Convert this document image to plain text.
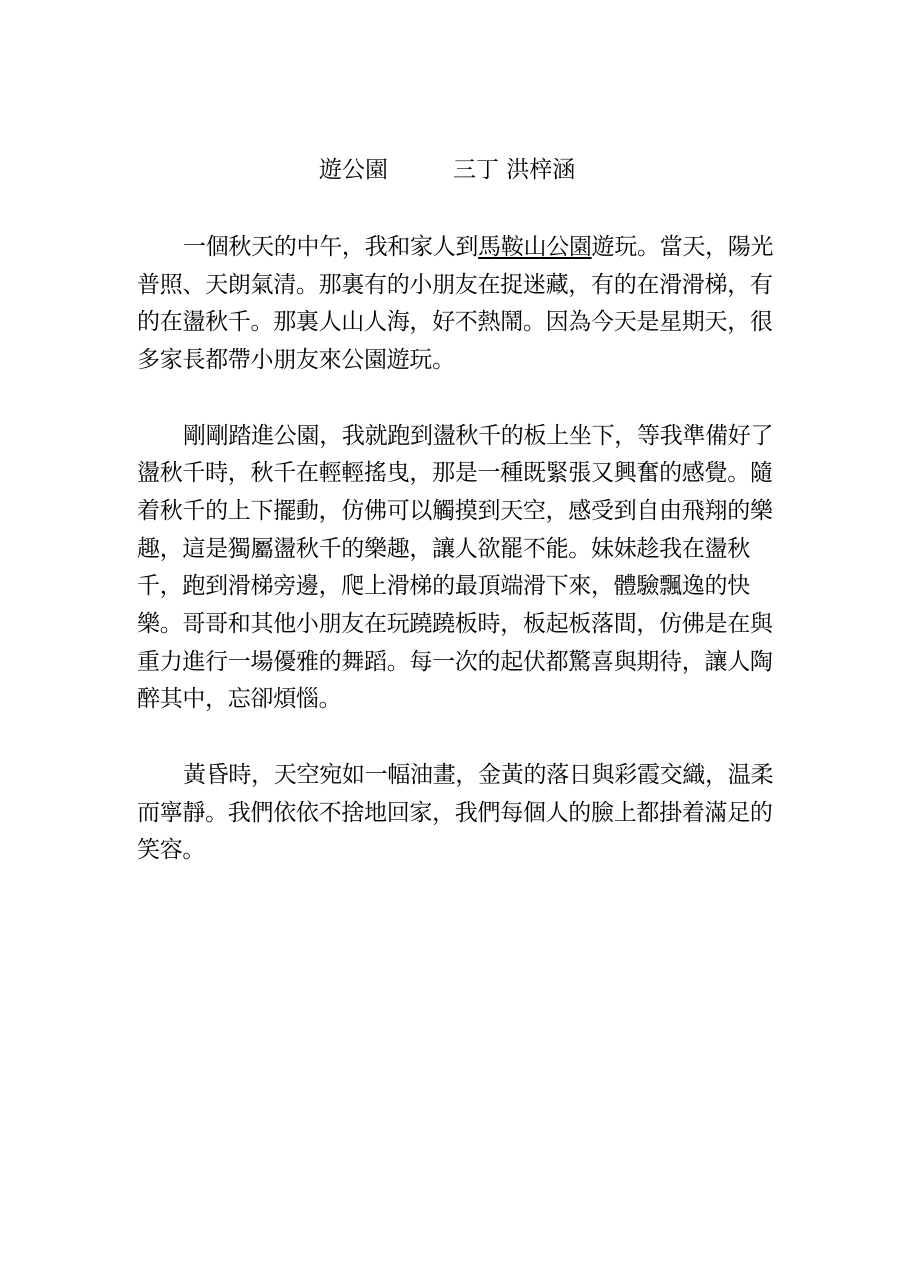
遊公園	三丁 洪梓涵

一個秋天的中午，我和家人到馬鞍山公園遊玩。當天，陽光普照、天朗氣清。那裏有的小朋友在捉迷藏，有的在滑滑梯，有的在盪秋千。那裏人山人海，好不熱鬧。因為今天是星期天，很多家長都帶小朋友來公園遊玩。

剛剛踏進公園，我就跑到盪秋千的板上坐下，等我準備好了盪秋千時，秋千在輕輕搖曳，那是一種既緊張又興奮的感覺。隨着秋千的上下擺動，仿佛可以觸摸到天空，感受到自由飛翔的樂趣，這是獨屬盪秋千的樂趣，讓人欲罷不能。妹妹趁我在盪秋千，跑到滑梯旁邊，爬上滑梯的最頂端滑下來，體驗飄逸的快樂。哥哥和其他小朋友在玩蹺蹺板時，板起板落間，仿佛是在與重力進行一場優雅的舞蹈。每一次的起伏都驚喜與期待，讓人陶醉其中，忘卻煩惱。

黃昏時，天空宛如一幅油畫，金黃的落日與彩霞交織，温柔而寧靜。我們依依不捨地回家，我們每個人的臉上都掛着滿足的笑容。
